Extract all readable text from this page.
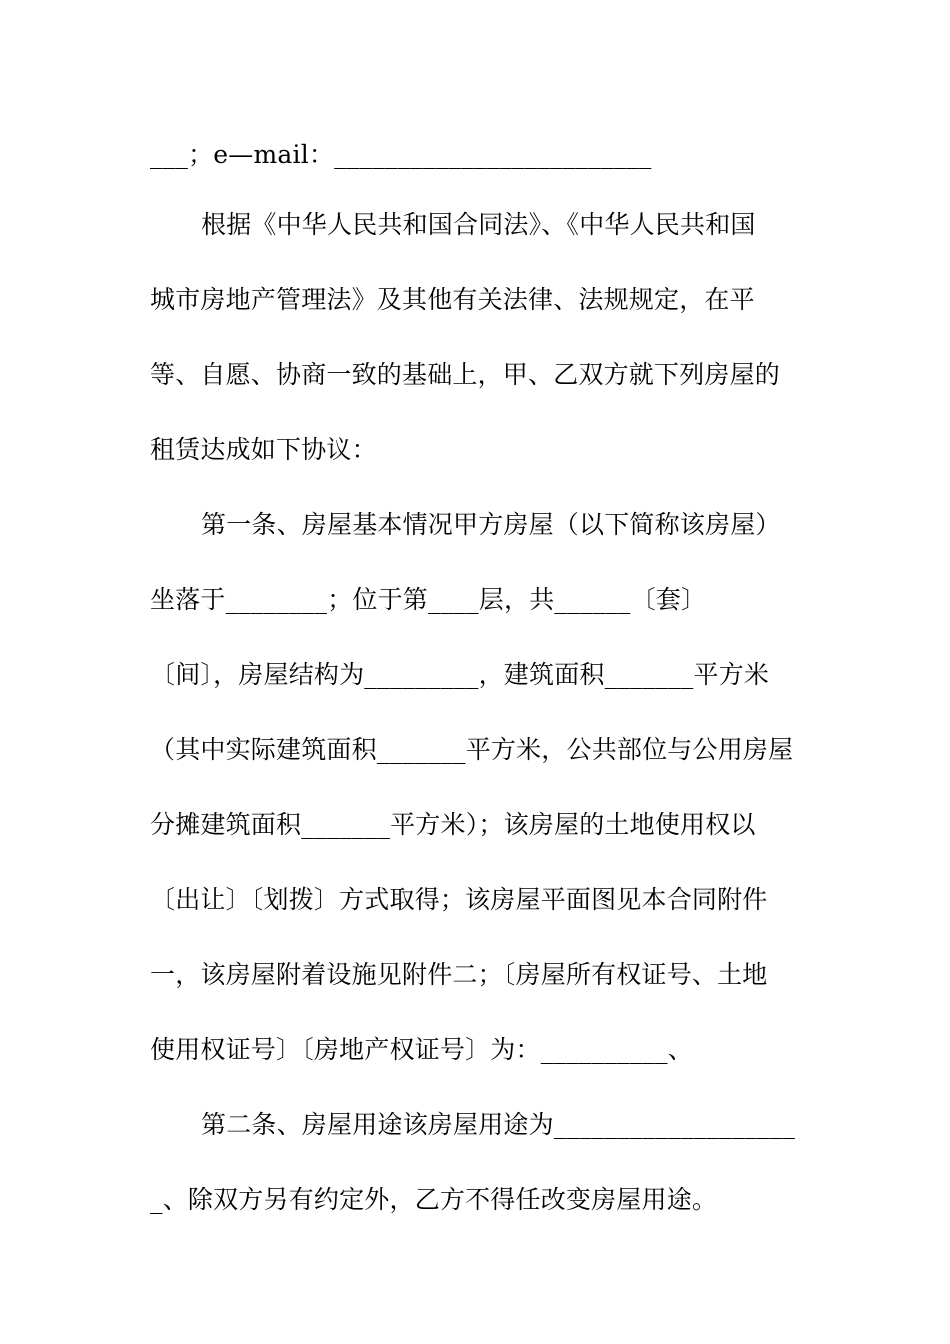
___；e—mail：_________________________
根据《中华人民共和国合同法》、《中华人民共和国
城市房地产管理法》及其他有关法律、法规规定，在平
等、自愿、协商一致的基础上，甲、乙双方就下列房屋的
租赁达成如下协议：
第一条、房屋基本情况甲方房屋（以下简称该房屋）
坐落于________；位于第____层，共______〔套〕
〔间〕，房屋结构为_________，建筑面积_______平方米
（其中实际建筑面积_______平方米，公共部位与公用房屋
分摊建筑面积_______平方米）；该房屋的土地使用权以
〔出让〕〔划拨〕方式取得；该房屋平面图见本合同附件
一，该房屋附着设施见附件二；〔房屋所有权证号、土地
使用权证号〕〔房地产权证号〕为：__________、
第二条、房屋用途该房屋用途为___________________
_、除双方另有约定外，乙方不得任改变房屋用途。
